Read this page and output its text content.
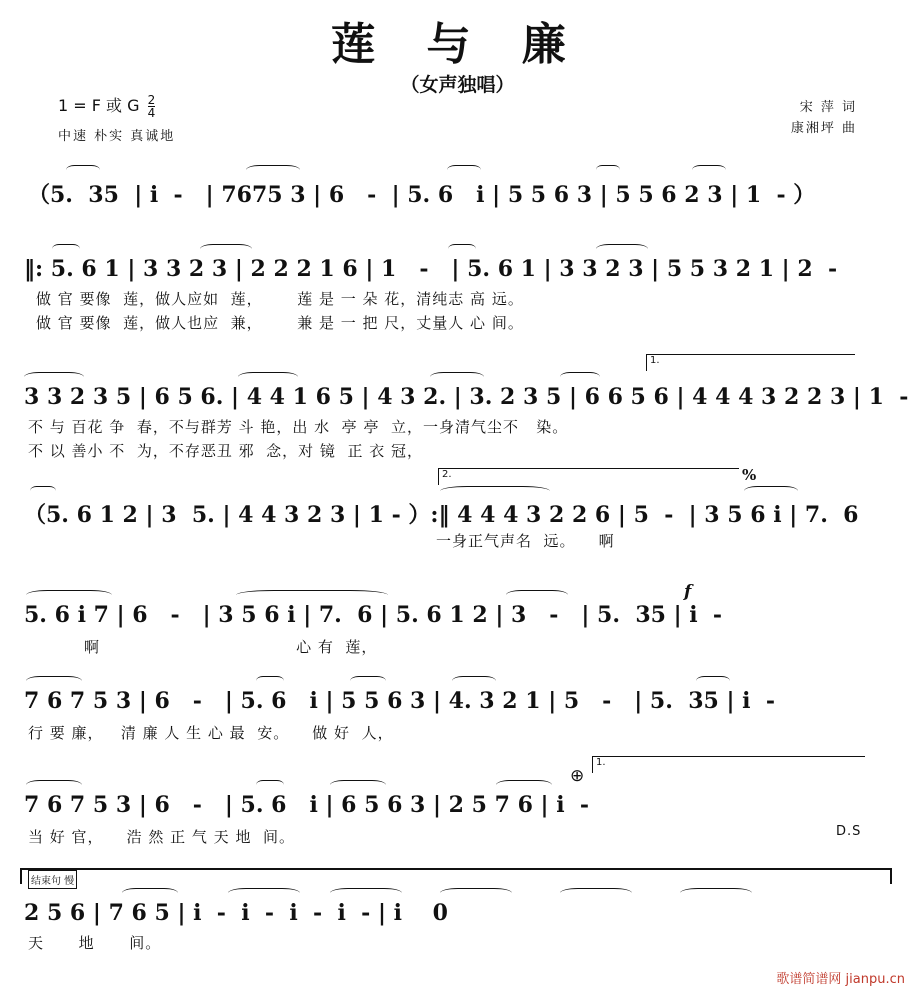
莲 与 廉
（女声独唱）
1 = F 或 G $\frac{2}{4}$
中速 朴实 真诚地
宋 萍 词
康湘坪 曲
（5.  35  | i  -   | 7675 3 | 6   -  | 5. 6   i | 5 5 6 3 | 5 5 6 2 3 | 1  - ）
‖: 5. 6 1 | 3 3 2 3 | 2 2 2 1 6 | 1   -   | 5. 6 1 | 3 3 2 3 | 5 5 3 2 1 | 2  -
做 官 要像  莲，做人应如  莲，      莲 是 一 朵 花，清纯志 高 远。
做 官 要像  莲，做人也应  兼，      兼 是 一 把 尺，丈量人 心 间。
1.
3 3 2 3 5 | 6 5 6. | 4 4 1 6 5 | 4 3 2. | 3. 2 3 5 | 6 6 5 6 | 4 4 4 3 2 2 3 | 1  -
不 与 百花 争  春，不与群芳 斗 艳，出 水  亭 亭  立，一身清气尘不   染。
不 以 善小 不  为，不存恶丑 邪  念，对 镜  正 衣 冠，
2.	%
（5. 6 1 2 | 3  5. | 4 4 3 2 3 | 1 - ）:‖ 4 4 4 3 2 2 6 | 5  -  | 3 5 6 i | 7.  6
一身正气声名  远。    啊
f
5. 6 i 7 | 6   -   | 3 5 6 i | 7.  6 | 5. 6 1 2 | 3   -   | 5.  35 | i  -
啊                                  心 有  莲，
7 6 7 5 3 | 6   -   | 5. 6   i | 5 5 6 3 | 4. 3 2 1 | 5   -   | 5.  35 | i  -
行 要 廉，   清 廉 人 生 心 最  安。    做 好  人，
1.
⊕
7 6 7 5 3 | 6   -   | 5. 6   i | 6 5 6 3 | 2 5 7 6 | i  -
当 好 官，    浩 然 正 气 天 地  间。	D.S
结束句 慢
2 5 6 | 7 6 5 | i  -  i  -  i  -  i  - | i    0
天      地      间。
歌谱简谱网 jianpu.cn
